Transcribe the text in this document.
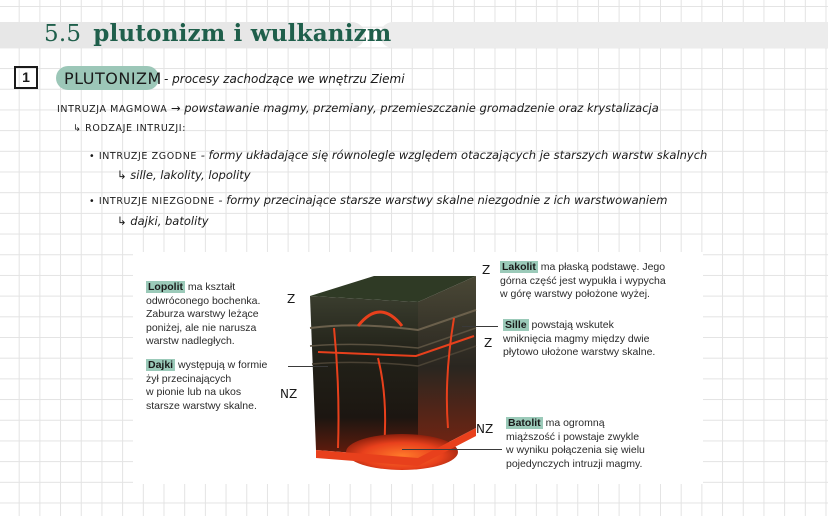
5.5 plutonizm i wulkanizm
1	PLUTONIZM - procesy zachodzące we wnętrzu Ziemi
INTRUZJA MAGMOWA → powstawanie magmy, przemiany, przemieszczanie gromadzenie oraz krystalizacja
↳ RODZAJE INTRUZJI:
• INTRUZJE ZGODNE - formy układające się równolegle względem otaczających je starszych warstw skalnych
↳ sille, lakolity, lopolity
• INTRUZJE NIEZGODNE - formy przecinające starsze warstwy skalne niezgodnie z ich warstwowaniem
↳ dajki, batolity
Lopolit ma kształt
odwróconego bochenka.
Zaburza warstwy leżące
poniżej, ale nie narusza
warstw nadległych.
Z
Dajki występują w formie
żył przecinających
w pionie lub na ukos
starsze warstwy skalne.
NZ
Z Lakolit ma płaską podstawę. Jego
górna część jest wypukła i wypycha
w górę warstwy położone wyżej.
Sille powstają wskutek
wniknięcia magmy między dwie
płytowo ułożone warstwy skalne.
Z
NZ Batolit ma ogromną
miąższość i powstaje zwykle
w wyniku połączenia się wielu
pojedynczych intruzji magmy.
